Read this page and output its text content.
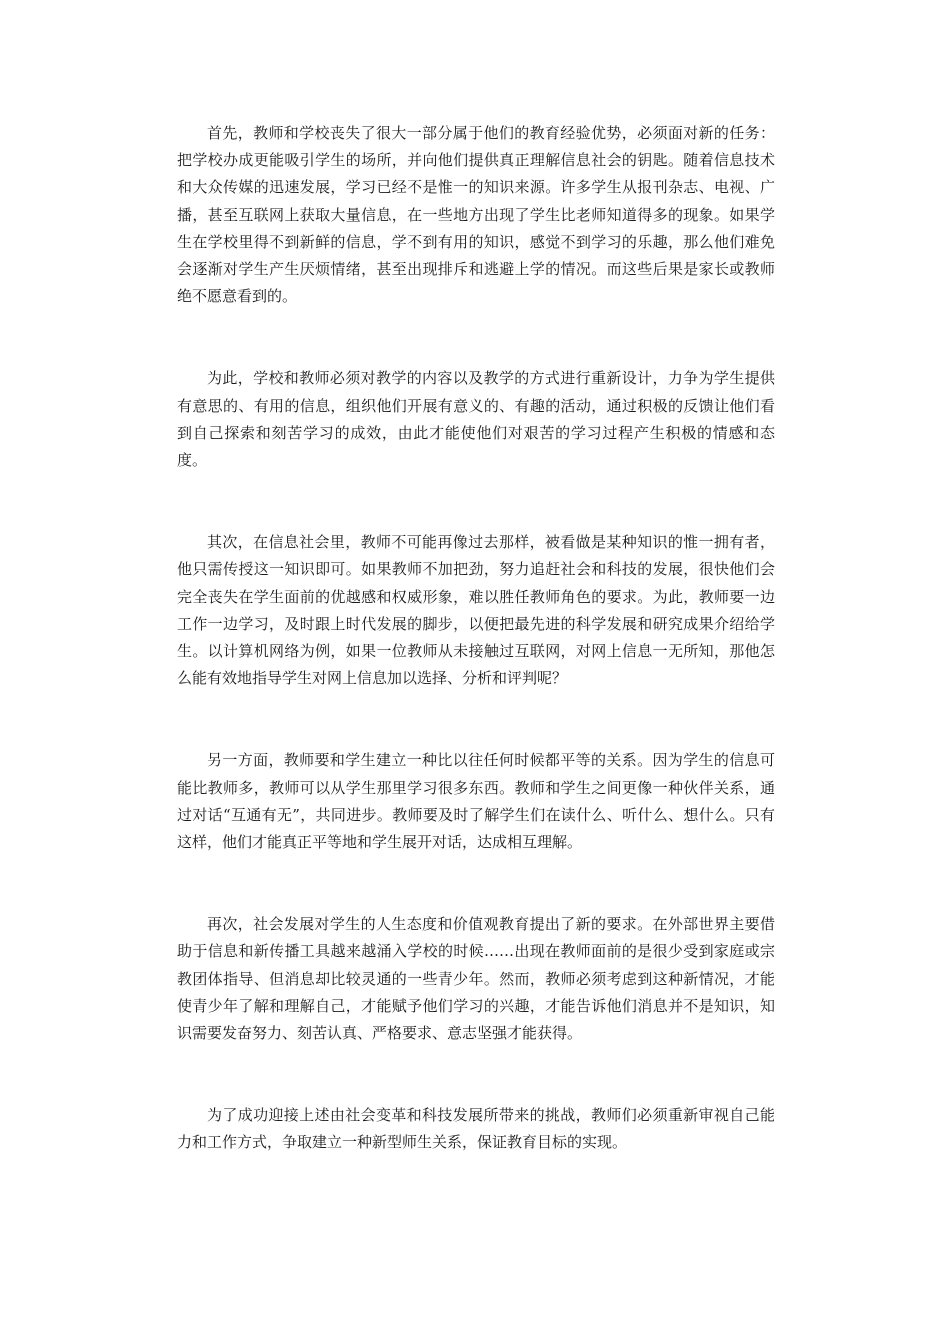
首先，教师和学校丧失了很大一部分属于他们的教育经验优势，必须面对新的任务：把学校办成更能吸引学生的场所，并向他们提供真正理解信息社会的钥匙。随着信息技术和大众传媒的迅速发展，学习已经不是惟一的知识来源。许多学生从报刊杂志、电视、广播，甚至互联网上获取大量信息，在一些地方出现了学生比老师知道得多的现象。如果学生在学校里得不到新鲜的信息，学不到有用的知识，感觉不到学习的乐趣，那么他们难免会逐渐对学生产生厌烦情绪，甚至出现排斥和逃避上学的情况。而这些后果是家长或教师绝不愿意看到的。

为此，学校和教师必须对教学的内容以及教学的方式进行重新设计，力争为学生提供有意思的、有用的信息，组织他们开展有意义的、有趣的活动，通过积极的反馈让他们看到自己探索和刻苦学习的成效，由此才能使他们对艰苦的学习过程产生积极的情感和态度。

其次，在信息社会里，教师不可能再像过去那样，被看做是某种知识的惟一拥有者，他只需传授这一知识即可。如果教师不加把劲，努力追赶社会和科技的发展，很快他们会完全丧失在学生面前的优越感和权威形象，难以胜任教师角色的要求。为此，教师要一边工作一边学习，及时跟上时代发展的脚步，以便把最先进的科学发展和研究成果介绍给学生。以计算机网络为例，如果一位教师从未接触过互联网，对网上信息一无所知，那他怎么能有效地指导学生对网上信息加以选择、分析和评判呢？

另一方面，教师要和学生建立一种比以往任何时候都平等的关系。因为学生的信息可能比教师多，教师可以从学生那里学习很多东西。教师和学生之间更像一种伙伴关系，通过对话“互通有无”，共同进步。教师要及时了解学生们在读什么、听什么、想什么。只有这样，他们才能真正平等地和学生展开对话，达成相互理解。

再次，社会发展对学生的人生态度和价值观教育提出了新的要求。在外部世界主要借助于信息和新传播工具越来越涌入学校的时候……出现在教师面前的是很少受到家庭或宗教团体指导、但消息却比较灵通的一些青少年。然而，教师必须考虑到这种新情况，才能使青少年了解和理解自己，才能赋予他们学习的兴趣，才能告诉他们消息并不是知识，知识需要发奋努力、刻苦认真、严格要求、意志坚强才能获得。

为了成功迎接上述由社会变革和科技发展所带来的挑战，教师们必须重新审视自己能力和工作方式，争取建立一种新型师生关系，保证教育目标的实现。
